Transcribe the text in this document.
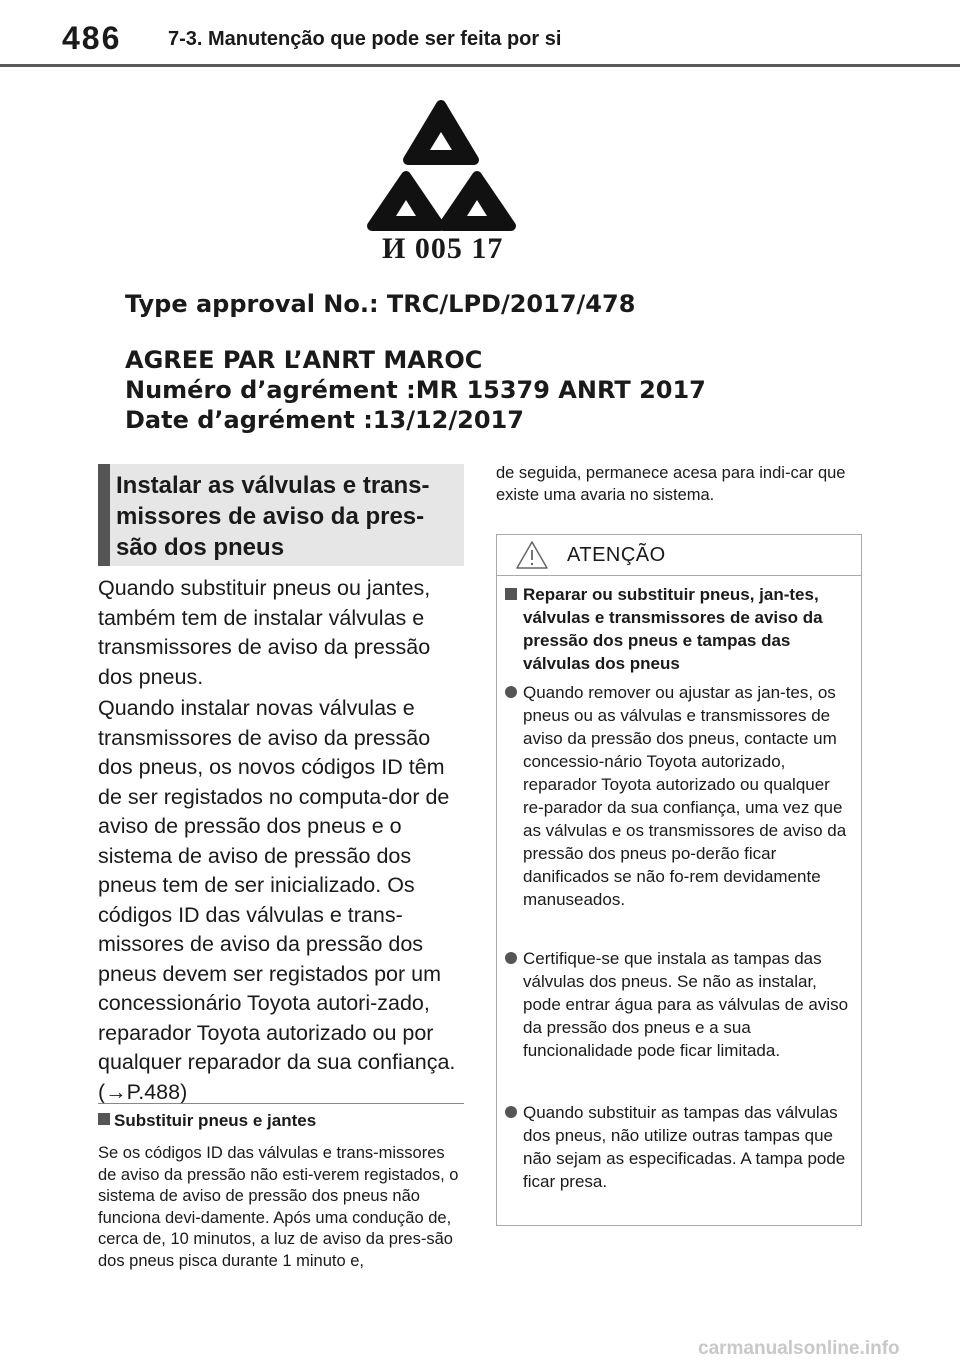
486 7-3. Manutenção que pode ser feita por si
И 005 17
Type approval No.: TRC/LPD/2017/478
AGREE PAR L’ANRT MAROC
Numéro d’agrément :MR 15379 ANRT 2017
Date d’agrément :13/12/2017
Instalar as válvulas e trans-missores de aviso da pres-são dos pneus

Quando substituir pneus ou jantes, também tem de instalar válvulas e transmissores de aviso da pressão dos pneus.

Quando instalar novas válvulas e transmissores de aviso da pressão dos pneus, os novos códigos ID têm de ser registados no computa-dor de aviso de pressão dos pneus e o sistema de aviso de pressão dos pneus tem de ser inicializado. Os códigos ID das válvulas e trans-missores de aviso da pressão dos pneus devem ser registados por um concessionário Toyota autori-zado, reparador Toyota autorizado ou por qualquer reparador da sua confiança. (→P.488)

Substituir pneus e jantes
Se os códigos ID das válvulas e trans-missores de aviso da pressão não esti-verem registados, o sistema de aviso de pressão dos pneus não funciona devi-damente. Após uma condução de, cerca de, 10 minutos, a luz de aviso da pres-são dos pneus pisca durante 1 minuto e,
de seguida, permanece acesa para indi-car que existe uma avaria no sistema.
ATENÇÃO
Reparar ou substituir pneus, jan-tes, válvulas e transmissores de aviso da pressão dos pneus e tampas das válvulas dos pneus
Quando remover ou ajustar as jan-tes, os pneus ou as válvulas e transmissores de aviso da pressão dos pneus, contacte um concessio-nário Toyota autorizado, reparador Toyota autorizado ou qualquer re-parador da sua confiança, uma vez que as válvulas e os transmissores de aviso da pressão dos pneus po-derão ficar danificados se não fo-rem devidamente manuseados.
Certifique-se que instala as tampas das válvulas dos pneus. Se não as instalar, pode entrar água para as válvulas de aviso da pressão dos pneus e a sua funcionalidade pode ficar limitada.
Quando substituir as tampas das válvulas dos pneus, não utilize outras tampas que não sejam as especificadas. A tampa pode ficar presa.
carmanualsonline.info
